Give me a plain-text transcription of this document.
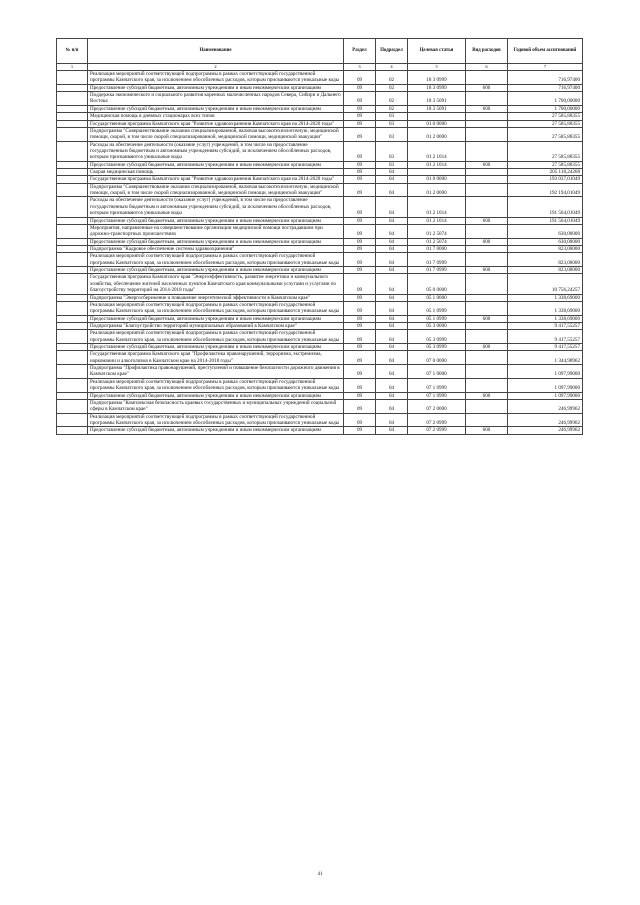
№ п/п	Наименование	Раздел	Подраздел	Целевая статья	Вид расходов	Годовой объем ассигнований
1	2	3	4	5	6	7
	Реализация мероприятий соответствующей подпрограммы в рамках соответствующей государственной программы Камчатского края, за исключением обособленных расходов, которым присваиваются уникальные коды	09	02	18 3 0999		716,97400
	Предоставление субсидий бюджетным, автономным учреждениям и иным некоммерческим организациям	09	02	18 3 0999	600	716,97400
	Поддержка экономического и социального развития коренных малочисленных народов Севера, Сибири и Дальнего Востока	09	02	18 3 5091		1 700,00000
	Предоставление субсидий бюджетным, автономным учреждениям и иным некоммерческим организациям	09	02	18 3 5091	600	1 700,00000
	Медицинская помощь в дневных стационарах всех типов	09	03			27 585,88355
	Государственная программа Камчатского края "Развитие здравоохранения Камчатского края на 2014-2020 годы"	09	03	01 0 0000		27 585,88355
	Подпрограмма "Совершенствование оказания специализированной, включая высокотехнологичную, медицинской помощи, скорой, в том числе скорой специализированной, медицинской помощи, медицинской эвакуации"	09	03	01 2 0000		27 585,88355
	Расходы на обеспечение деятельности (оказание услуг) учреждений, в том числе на предоставление государственным бюджетным и автономным учреждениям субсидий, за исключением обособленных расходов, которым присваиваются уникальные коды	09	03	01 2 1014		27 585,88355
	Предоставление субсидий бюджетным, автономным учреждениям и иным некоммерческим организациям	09	03	01 2 1014	600	27 585,88355
	Скорая медицинская помощь	09	04			205 118,24268
	Государственная программа Камчатского края "Развитие здравоохранения Камчатского края на 2014-2020 годы"	09	04	01 0 0000		193 037,01049
	Подпрограмма "Совершенствование оказания специализированной, включая высокотехнологичную, медицинской помощи, скорой, в том числе скорой специализированной, медицинской помощи, медицинской эвакуации"	09	04	01 2 0000		192 194,01049
	Расходы на обеспечение деятельности (оказание услуг) учреждений, в том числе на предоставление государственным бюджетным и автономным учреждениям субсидий, за исключением обособленных расходов, которым присваиваются уникальные коды	09	04	01 2 1014		191 564,01049
	Предоставление субсидий бюджетным, автономным учреждениям и иным некоммерческим организациям	09	04	01 2 1014	600	191 564,01049
	Мероприятия, направленные на совершенствование организации медицинской помощи пострадавшим при дорожно-транспортных происшествиях	09	04	01 2 5074		630,00000
	Предоставление субсидий бюджетным, автономным учреждениям и иным некоммерческим организациям	09	04	01 2 5074	600	630,00000
	Подпрограмма "Кадровое обеспечение системы здравоохранения"	09	04	01 7 0000		823,00000
	Реализация мероприятий соответствующей подпрограммы в рамках соответствующей государственной программы Камчатского края, за исключением обособленных расходов, которым присваиваются уникальные коды	09	04	01 7 0999		823,00000
	Предоставление субсидий бюджетным, автономным учреждениям и иным некоммерческим организациям	09	04	01 7 0999	600	823,00000
	Государственная программа Камчатского края "Энергоэффективность, развитие энергетики и коммунального хозяйства, обеспечение жителей населенных пунктов Камчатского края коммунальными услугами и услугами по благоустройству территорий на 2014-2018 годы"	09	04	05 0 0000		10 756,24257
	Подпрограмма "Энергосбережение и повышение энергетической эффективности в Камчатском крае"	09	04	05 1 0000		1 338,69000
	Реализация мероприятий соответствующей подпрограммы в рамках соответствующей государственной программы Камчатского края, за исключением обособленных расходов, которым присваиваются уникальные коды	09	04	05 1 0999		1 338,69000
	Предоставление субсидий бюджетным, автономным учреждениям и иным некоммерческим организациям	09	04	05 1 0999	600	1 338,69000
	Подпрограмма "Благоустройство территорий муниципальных образований в Камчатском крае"	09	04	05 3 0000		9 417,55257
	Реализация мероприятий соответствующей подпрограммы в рамках соответствующей государственной программы Камчатского края, за исключением обособленных расходов, которым присваиваются уникальные коды	09	04	05 3 0999		9 417,55257
	Предоставление субсидий бюджетным, автономным учреждениям и иным некоммерческим организациям	09	04	05 3 0999	600	9 417,55257
	Государственная программа Камчатского края "Профилактика правонарушений, терроризма, экстремизма, наркомании и алкоголизма в Камчатском крае на 2014-2018 годы"	09	04	07 0 0000		1 344,98962
	Подпрограмма "Профилактика правонарушений, преступлений и повышение безопасности дорожного движения в Камчатском крае"	09	04	07 1 0000		1 097,99000
	Реализация мероприятий соответствующей подпрограммы в рамках соответствующей государственной программы Камчатского края, за исключением обособленных расходов, которым присваиваются уникальные коды	09	04	07 1 0999		1 097,99000
	Предоставление субсидий бюджетным, автономным учреждениям и иным некоммерческим организациям	09	04	07 1 0999	600	1 097,99000
	Подпрограмма "Комплексная безопасность краевых государственных и муниципальных учреждений социальной сферы в Камчатском крае"	09	04	07 2 0000		246,99962
	Реализация мероприятий соответствующей подпрограммы в рамках соответствующей государственной программы Камчатского края, за исключением обособленных расходов, которым присваиваются уникальные коды	09	04	07 2 0999		246,99962
	Предоставление субсидий бюджетным, автономным учреждениям и иным некоммерческим организациям	09	04	07 2 0999	600	246,99962
41
